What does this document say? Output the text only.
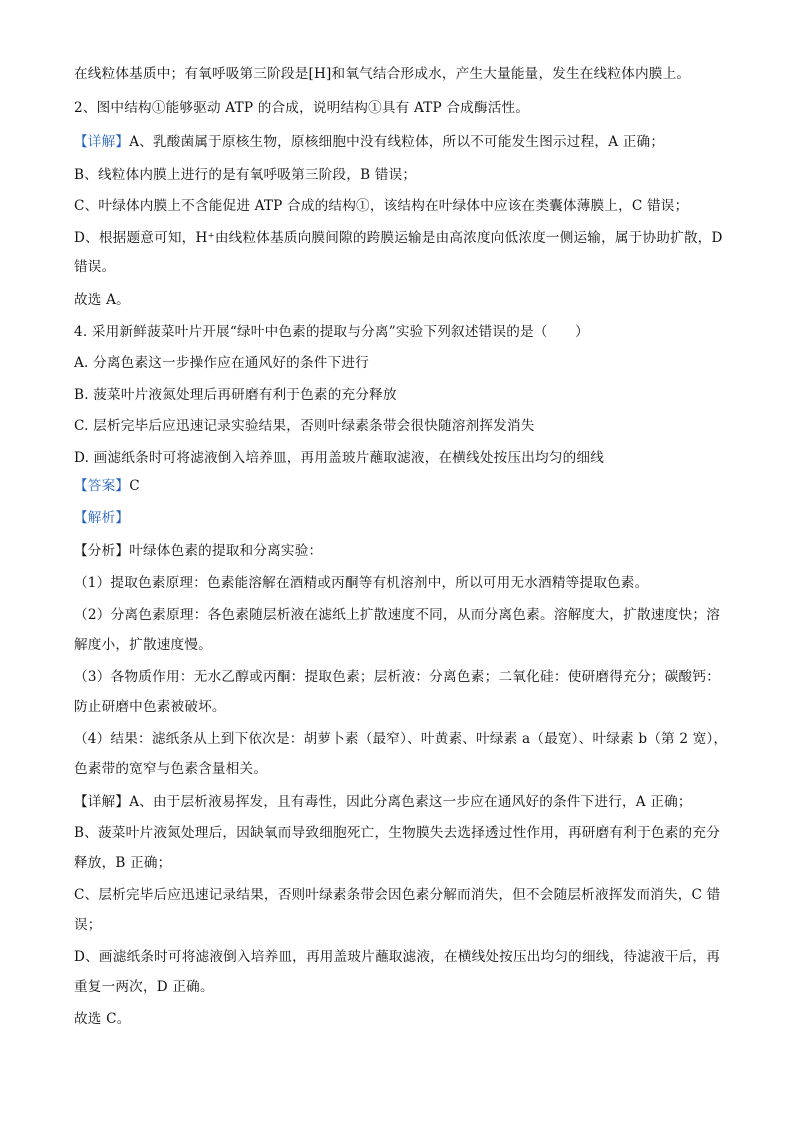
在线粒体基质中；有氧呼吸第三阶段是[H]和氧气结合形成水，产生大量能量，发生在线粒体内膜上。
2、图中结构①能够驱动 ATP 的合成，说明结构①具有 ATP 合成酶活性。
【详解】A、乳酸菌属于原核生物，原核细胞中没有线粒体，所以不可能发生图示过程，A 正确；
B、线粒体内膜上进行的是有氧呼吸第三阶段，B 错误；
C、叶绿体内膜上不含能促进 ATP 合成的结构①，该结构在叶绿体中应该在类囊体薄膜上，C 错误；
D、根据题意可知，H⁺由线粒体基质向膜间隙的跨膜运输是由高浓度向低浓度一侧运输，属于协助扩散，D
错误。
故选 A。
4. 采用新鲜菠菜叶片开展“绿叶中色素的提取与分离”实验下列叙述错误的是（　　）
A. 分离色素这一步操作应在通风好的条件下进行
B. 菠菜叶片液氮处理后再研磨有利于色素的充分释放
C. 层析完毕后应迅速记录实验结果，否则叶绿素条带会很快随溶剂挥发消失
D. 画滤纸条时可将滤液倒入培养皿，再用盖玻片蘸取滤液，在横线处按压出均匀的细线
【答案】C
【解析】
【分析】叶绿体色素的提取和分离实验：
（1）提取色素原理：色素能溶解在酒精或丙酮等有机溶剂中，所以可用无水酒精等提取色素。
（2）分离色素原理：各色素随层析液在滤纸上扩散速度不同，从而分离色素。溶解度大，扩散速度快；溶
解度小，扩散速度慢。
（3）各物质作用：无水乙醇或丙酮：提取色素；层析液：分离色素；二氧化硅：使研磨得充分；碳酸钙：
防止研磨中色素被破坏。
（4）结果：滤纸条从上到下依次是：胡萝卜素（最窄）、叶黄素、叶绿素 a（最宽）、叶绿素 b（第 2 宽），
色素带的宽窄与色素含量相关。
【详解】A、由于层析液易挥发，且有毒性，因此分离色素这一步应在通风好的条件下进行，A 正确；
B、菠菜叶片液氮处理后，因缺氧而导致细胞死亡，生物膜失去选择透过性作用，再研磨有利于色素的充分
释放，B 正确；
C、层析完毕后应迅速记录结果，否则叶绿素条带会因色素分解而消失，但不会随层析液挥发而消失，C 错
误；
D、画滤纸条时可将滤液倒入培养皿，再用盖玻片蘸取滤液，在横线处按压出均匀的细线，待滤液干后，再
重复一两次，D 正确。
故选 C。
